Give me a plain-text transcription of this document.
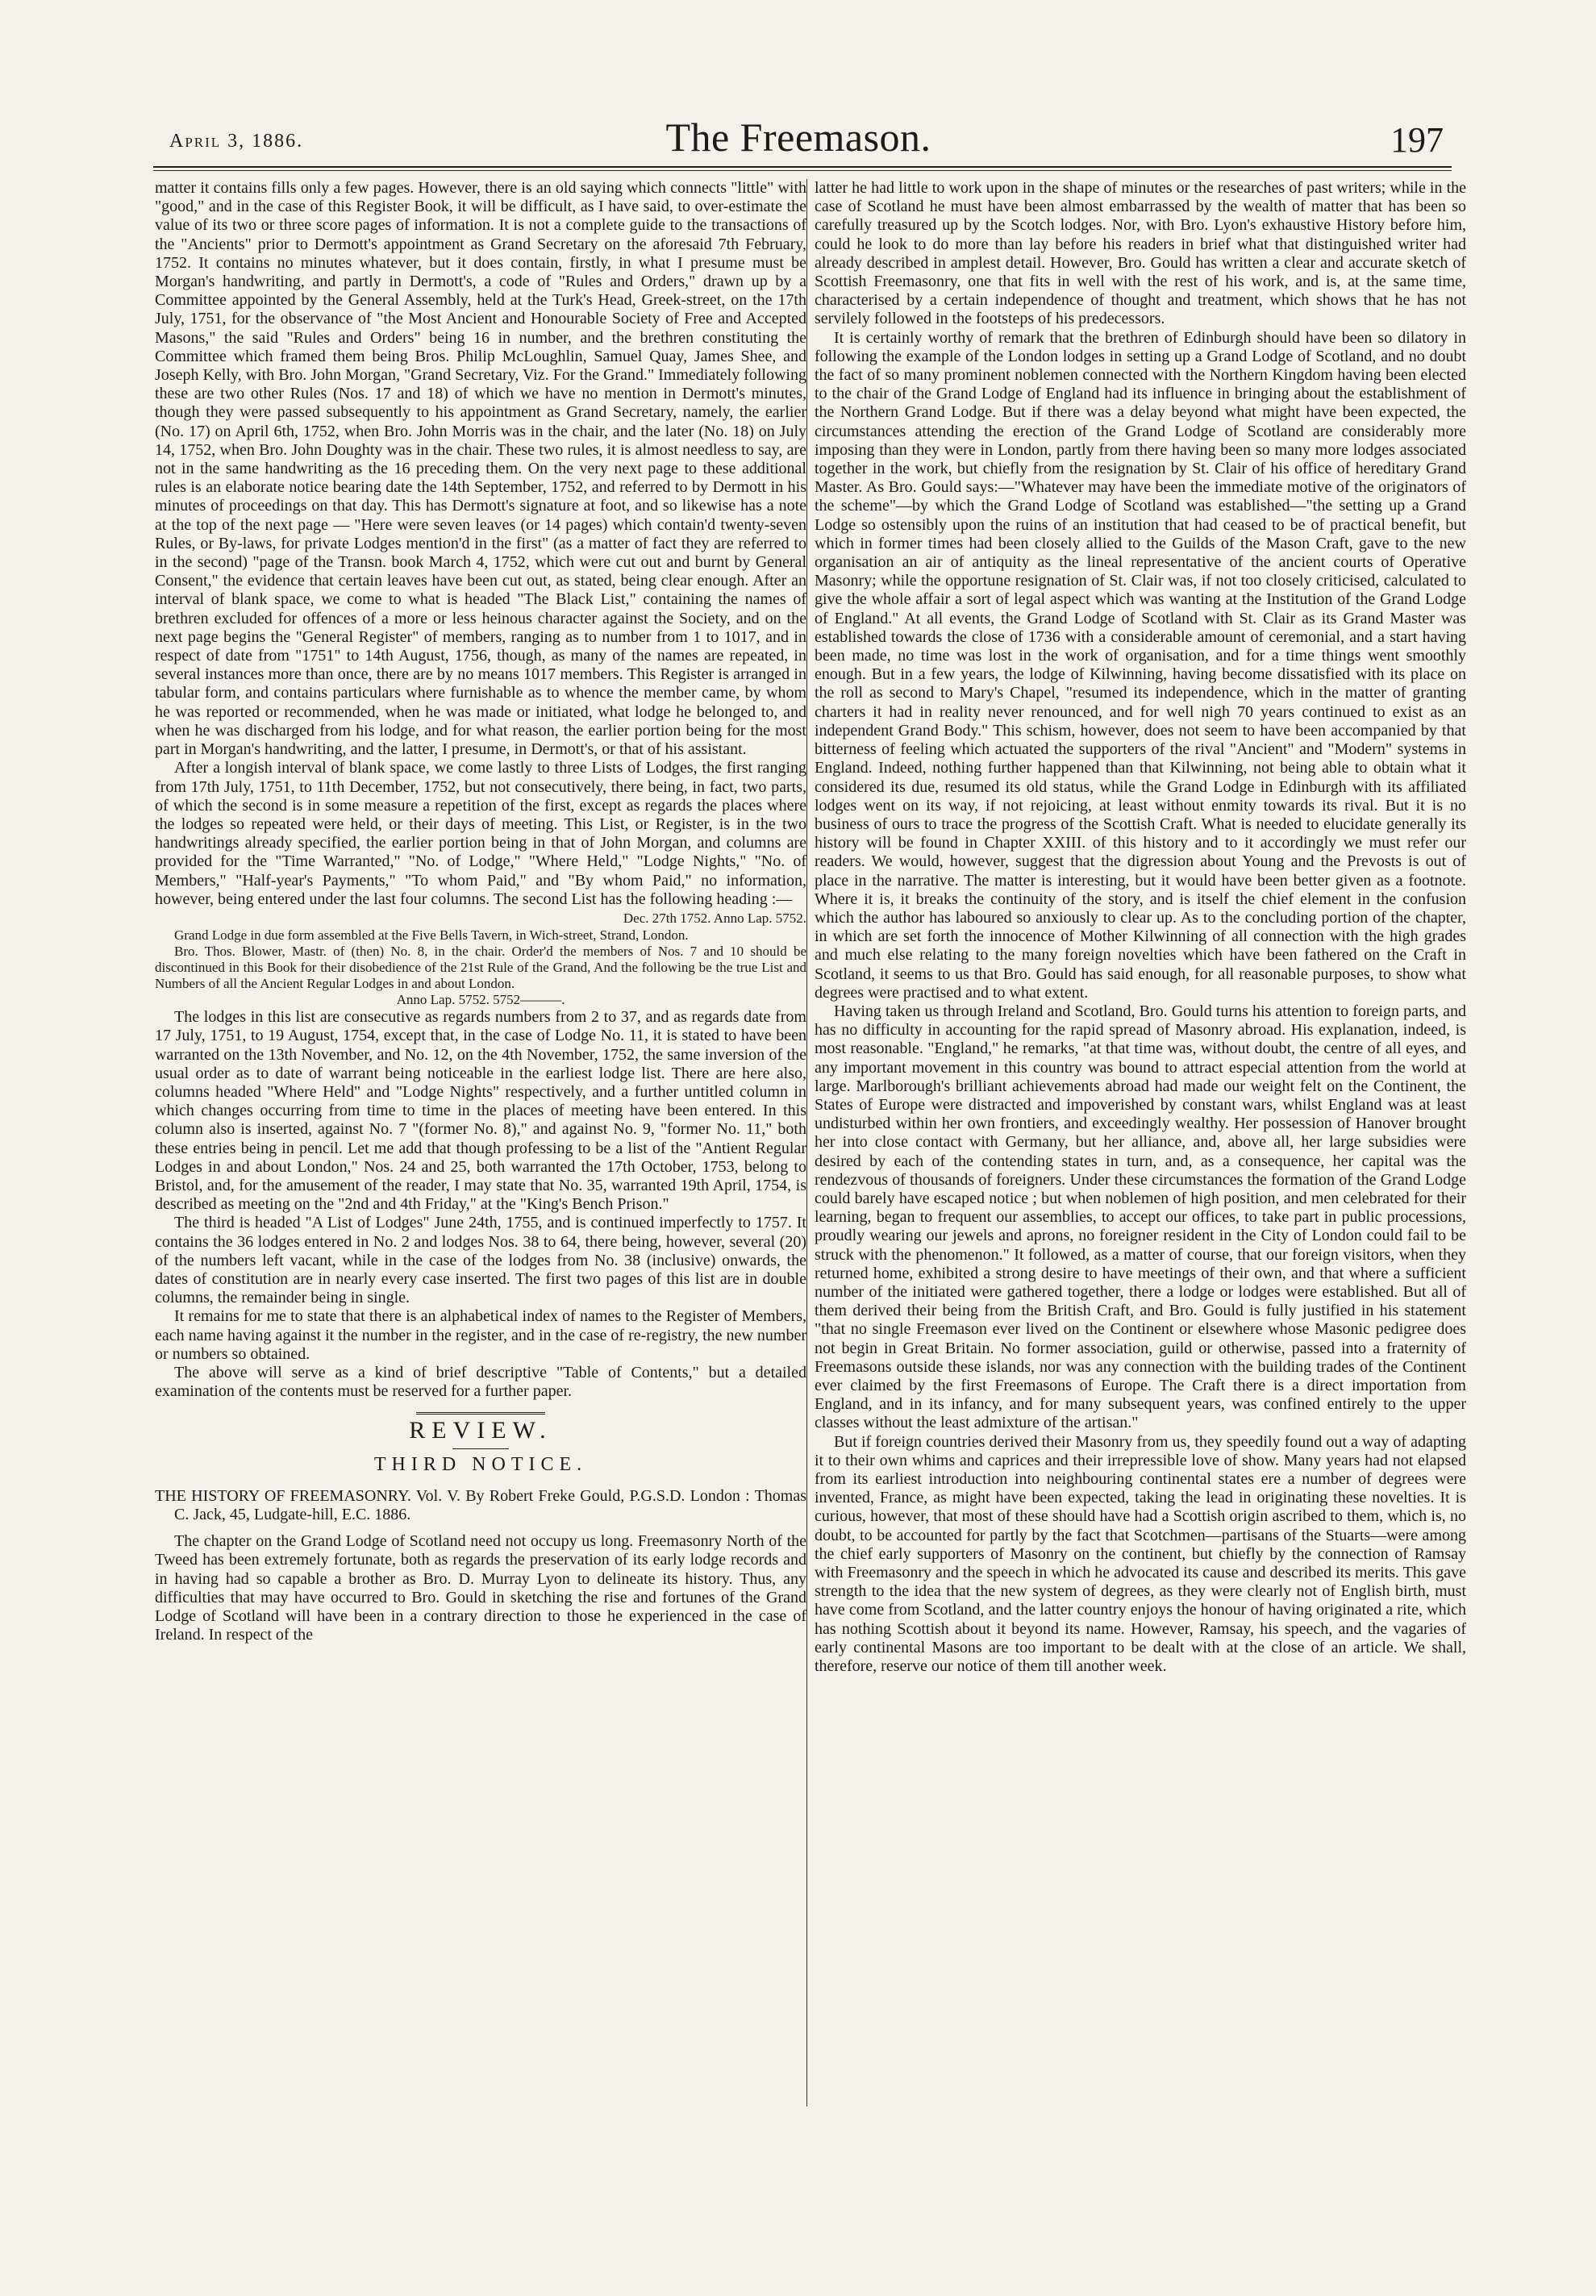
April 3, 1886.	The Freemason.	197

matter it contains fills only a few pages. However, there is an old saying which connects "little" with "good," and in the case of this Register Book, it will be difficult, as I have said, to over-estimate the value of its two or three score pages of information. It is not a complete guide to the transactions of the "Ancients" prior to Dermott's appointment as Grand Secretary on the aforesaid 7th February, 1752. It contains no minutes whatever, but it does contain, firstly, in what I presume must be Morgan's handwriting, and partly in Dermott's, a code of "Rules and Orders," drawn up by a Committee appointed by the General Assembly, held at the Turk's Head, Greek-street, on the 17th July, 1751, for the observance of "the Most Ancient and Honourable Society of Free and Accepted Masons," the said "Rules and Orders" being 16 in number, and the brethren constituting the Committee which framed them being Bros. Philip McLoughlin, Samuel Quay, James Shee, and Joseph Kelly, with Bro. John Morgan, "Grand Secretary, Viz. For the Grand." Immediately following these are two other Rules (Nos. 17 and 18) of which we have no mention in Dermott's minutes, though they were passed subsequently to his appointment as Grand Secretary, namely, the earlier (No. 17) on April 6th, 1752, when Bro. John Morris was in the chair, and the later (No. 18) on July 14, 1752, when Bro. John Doughty was in the chair. These two rules, it is almost needless to say, are not in the same handwriting as the 16 preceding them. On the very next page to these additional rules is an elaborate notice bearing date the 14th September, 1752, and referred to by Dermott in his minutes of proceedings on that day. This has Dermott's signature at foot, and so likewise has a note at the top of the next page — "Here were seven leaves (or 14 pages) which contain'd twenty-seven Rules, or By-laws, for private Lodges mention'd in the first" (as a matter of fact they are referred to in the second) "page of the Transn. book March 4, 1752, which were cut out and burnt by General Consent," the evidence that certain leaves have been cut out, as stated, being clear enough. After an interval of blank space, we come to what is headed "The Black List," containing the names of brethren excluded for offences of a more or less heinous character against the Society, and on the next page begins the "General Register" of members, ranging as to number from 1 to 1017, and in respect of date from "1751" to 14th August, 1756, though, as many of the names are repeated, in several instances more than once, there are by no means 1017 members. This Register is arranged in tabular form, and contains particulars where furnishable as to whence the member came, by whom he was reported or recommended, when he was made or initiated, what lodge he belonged to, and when he was discharged from his lodge, and for what reason, the earlier portion being for the most part in Morgan's handwriting, and the latter, I presume, in Dermott's, or that of his assistant.

After a longish interval of blank space, we come lastly to three Lists of Lodges, the first ranging from 17th July, 1751, to 11th December, 1752, but not consecutively, there being, in fact, two parts, of which the second is in some measure a repetition of the first, except as regards the places where the lodges so repeated were held, or their days of meeting. This List, or Register, is in the two handwritings already specified, the earlier portion being in that of John Morgan, and columns are provided for the "Time Warranted," "No. of Lodge," "Where Held," "Lodge Nights," "No. of Members," "Half-year's Payments," "To whom Paid," and "By whom Paid," no information, however, being entered under the last four columns. The second List has the following heading :—

Dec. 27th 1752. Anno Lap. 5752.

Grand Lodge in due form assembled at the Five Bells Tavern, in Wich-street, Strand, London.

Bro. Thos. Blower, Mastr. of (then) No. 8, in the chair. Order'd the members of Nos. 7 and 10 should be discontinued in this Book for their disobedience of the 21st Rule of the Grand, And the following be the true List and Numbers of all the Ancient Regular Lodges in and about London.

Anno Lap. 5752. 5752———.

The lodges in this list are consecutive as regards numbers from 2 to 37, and as regards date from 17 July, 1751, to 19 August, 1754, except that, in the case of Lodge No. 11, it is stated to have been warranted on the 13th November, and No. 12, on the 4th November, 1752, the same inversion of the usual order as to date of warrant being noticeable in the earliest lodge list. There are here also, columns headed "Where Held" and "Lodge Nights" respectively, and a further untitled column in which changes occurring from time to time in the places of meeting have been entered. In this column also is inserted, against No. 7 "(former No. 8)," and against No. 9, "former No. 11," both these entries being in pencil. Let me add that though professing to be a list of the "Antient Regular Lodges in and about London," Nos. 24 and 25, both warranted the 17th October, 1753, belong to Bristol, and, for the amusement of the reader, I may state that No. 35, warranted 19th April, 1754, is described as meeting on the "2nd and 4th Friday," at the "King's Bench Prison."

The third is headed "A List of Lodges" June 24th, 1755, and is continued imperfectly to 1757. It contains the 36 lodges entered in No. 2 and lodges Nos. 38 to 64, there being, however, several (20) of the numbers left vacant, while in the case of the lodges from No. 38 (inclusive) onwards, the dates of constitution are in nearly every case inserted. The first two pages of this list are in double columns, the remainder being in single.

It remains for me to state that there is an alphabetical index of names to the Register of Members, each name having against it the number in the register, and in the case of re-registry, the new number or numbers so obtained.

The above will serve as a kind of brief descriptive "Table of Contents," but a detailed examination of the contents must be reserved for a further paper.

REVIEW.
THIRD NOTICE.

THE HISTORY OF FREEMASONRY. Vol. V. By Robert Freke Gould, P.G.S.D. London : Thomas C. Jack, 45, Ludgate-hill, E.C. 1886.

The chapter on the Grand Lodge of Scotland need not occupy us long. Freemasonry North of the Tweed has been extremely fortunate, both as regards the preservation of its early lodge records and in having had so capable a brother as Bro. D. Murray Lyon to delineate its history. Thus, any difficulties that may have occurred to Bro. Gould in sketching the rise and fortunes of the Grand Lodge of Scotland will have been in a contrary direction to those he experienced in the case of Ireland. In respect of the

latter he had little to work upon in the shape of minutes or the researches of past writers; while in the case of Scotland he must have been almost embarrassed by the wealth of matter that has been so carefully treasured up by the Scotch lodges. Nor, with Bro. Lyon's exhaustive History before him, could he look to do more than lay before his readers in brief what that distinguished writer had already described in amplest detail. However, Bro. Gould has written a clear and accurate sketch of Scottish Freemasonry, one that fits in well with the rest of his work, and is, at the same time, characterised by a certain independence of thought and treatment, which shows that he has not servilely followed in the footsteps of his predecessors.

It is certainly worthy of remark that the brethren of Edinburgh should have been so dilatory in following the example of the London lodges in setting up a Grand Lodge of Scotland, and no doubt the fact of so many prominent noblemen connected with the Northern Kingdom having been elected to the chair of the Grand Lodge of England had its influence in bringing about the establishment of the Northern Grand Lodge. But if there was a delay beyond what might have been expected, the circumstances attending the erection of the Grand Lodge of Scotland are considerably more imposing than they were in London, partly from there having been so many more lodges associated together in the work, but chiefly from the resignation by St. Clair of his office of hereditary Grand Master. As Bro. Gould says:—"Whatever may have been the immediate motive of the originators of the scheme"—by which the Grand Lodge of Scotland was established—"the setting up a Grand Lodge so ostensibly upon the ruins of an institution that had ceased to be of practical benefit, but which in former times had been closely allied to the Guilds of the Mason Craft, gave to the new organisation an air of antiquity as the lineal representative of the ancient courts of Operative Masonry; while the opportune resignation of St. Clair was, if not too closely criticised, calculated to give the whole affair a sort of legal aspect which was wanting at the Institution of the Grand Lodge of England." At all events, the Grand Lodge of Scotland with St. Clair as its Grand Master was established towards the close of 1736 with a considerable amount of ceremonial, and a start having been made, no time was lost in the work of organisation, and for a time things went smoothly enough. But in a few years, the lodge of Kilwinning, having become dissatisfied with its place on the roll as second to Mary's Chapel, "resumed its independence, which in the matter of granting charters it had in reality never renounced, and for well nigh 70 years continued to exist as an independent Grand Body." This schism, however, does not seem to have been accompanied by that bitterness of feeling which actuated the supporters of the rival "Ancient" and "Modern" systems in England. Indeed, nothing further happened than that Kilwinning, not being able to obtain what it considered its due, resumed its old status, while the Grand Lodge in Edinburgh with its affiliated lodges went on its way, if not rejoicing, at least without enmity towards its rival. But it is no business of ours to trace the progress of the Scottish Craft. What is needed to elucidate generally its history will be found in Chapter XXIII. of this history and to it accordingly we must refer our readers. We would, however, suggest that the digression about Young and the Prevosts is out of place in the narrative. The matter is interesting, but it would have been better given as a footnote. Where it is, it breaks the continuity of the story, and is itself the chief element in the confusion which the author has laboured so anxiously to clear up. As to the concluding portion of the chapter, in which are set forth the innocence of Mother Kilwinning of all connection with the high grades and much else relating to the many foreign novelties which have been fathered on the Craft in Scotland, it seems to us that Bro. Gould has said enough, for all reasonable purposes, to show what degrees were practised and to what extent.

Having taken us through Ireland and Scotland, Bro. Gould turns his attention to foreign parts, and has no difficulty in accounting for the rapid spread of Masonry abroad. His explanation, indeed, is most reasonable. "England," he remarks, "at that time was, without doubt, the centre of all eyes, and any important movement in this country was bound to attract especial attention from the world at large. Marlborough's brilliant achievements abroad had made our weight felt on the Continent, the States of Europe were distracted and impoverished by constant wars, whilst England was at least undisturbed within her own frontiers, and exceedingly wealthy. Her possession of Hanover brought her into close contact with Germany, but her alliance, and, above all, her large subsidies were desired by each of the contending states in turn, and, as a consequence, her capital was the rendezvous of thousands of foreigners. Under these circumstances the formation of the Grand Lodge could barely have escaped notice ; but when noblemen of high position, and men celebrated for their learning, began to frequent our assemblies, to accept our offices, to take part in public processions, proudly wearing our jewels and aprons, no foreigner resident in the City of London could fail to be struck with the phenomenon." It followed, as a matter of course, that our foreign visitors, when they returned home, exhibited a strong desire to have meetings of their own, and that where a sufficient number of the initiated were gathered together, there a lodge or lodges were established. But all of them derived their being from the British Craft, and Bro. Gould is fully justified in his statement "that no single Freemason ever lived on the Continent or elsewhere whose Masonic pedigree does not begin in Great Britain. No former association, guild or otherwise, passed into a fraternity of Freemasons outside these islands, nor was any connection with the building trades of the Continent ever claimed by the first Freemasons of Europe. The Craft there is a direct importation from England, and in its infancy, and for many subsequent years, was confined entirely to the upper classes without the least admixture of the artisan."

But if foreign countries derived their Masonry from us, they speedily found out a way of adapting it to their own whims and caprices and their irrepressible love of show. Many years had not elapsed from its earliest introduction into neighbouring continental states ere a number of degrees were invented, France, as might have been expected, taking the lead in originating these novelties. It is curious, however, that most of these should have had a Scottish origin ascribed to them, which is, no doubt, to be accounted for partly by the fact that Scotchmen—partisans of the Stuarts—were among the chief early supporters of Masonry on the continent, but chiefly by the connection of Ramsay with Freemasonry and the speech in which he advocated its cause and described its merits. This gave strength to the idea that the new system of degrees, as they were clearly not of English birth, must have come from Scotland, and the latter country enjoys the honour of having originated a rite, which has nothing Scottish about it beyond its name. However, Ramsay, his speech, and the vagaries of early continental Masons are too important to be dealt with at the close of an article. We shall, therefore, reserve our notice of them till another week.
